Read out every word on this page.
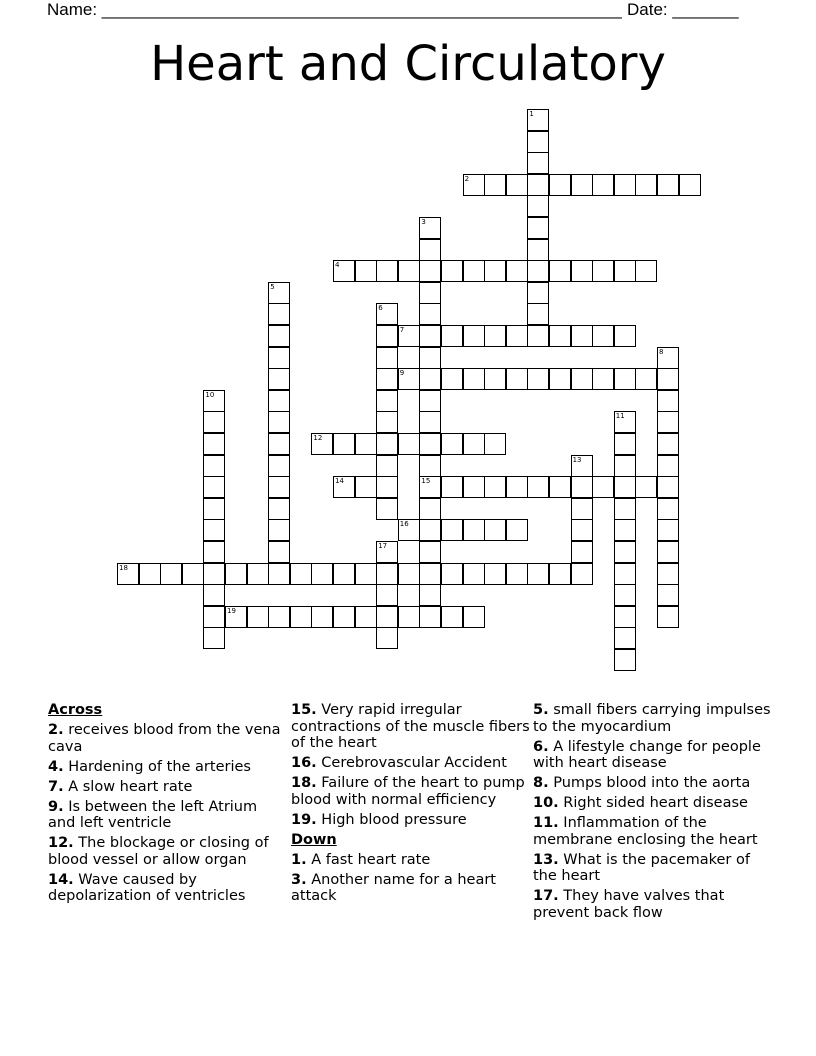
Name: _______________________________________________________ Date: _______
Heart and Circulatory
1
2
3
15
4
5
6
7
8
9
10
11
12
13
14
16
17
18
19
Across
2. receives blood from the vena cava
4. Hardening of the arteries
7. A slow heart rate
9. Is between the left Atrium and left ventricle
12. The blockage or closing of blood vessel or allow organ
14. Wave caused by depolarization of ventricles
15. Very rapid irregular contractions of the muscle fibers of the heart
16. Cerebrovascular Accident
18. Failure of the heart to pump blood with normal efficiency
19. High blood pressure
Down
1. A fast heart rate
3. Another name for a heart attack
5. small fibers carrying impulses to the myocardium
6. A lifestyle change for people with heart disease
8. Pumps blood into the aorta
10. Right sided heart disease
11. Inflammation of the membrane enclosing the heart
13. What is the pacemaker of the heart
17. They have valves that prevent back flow
